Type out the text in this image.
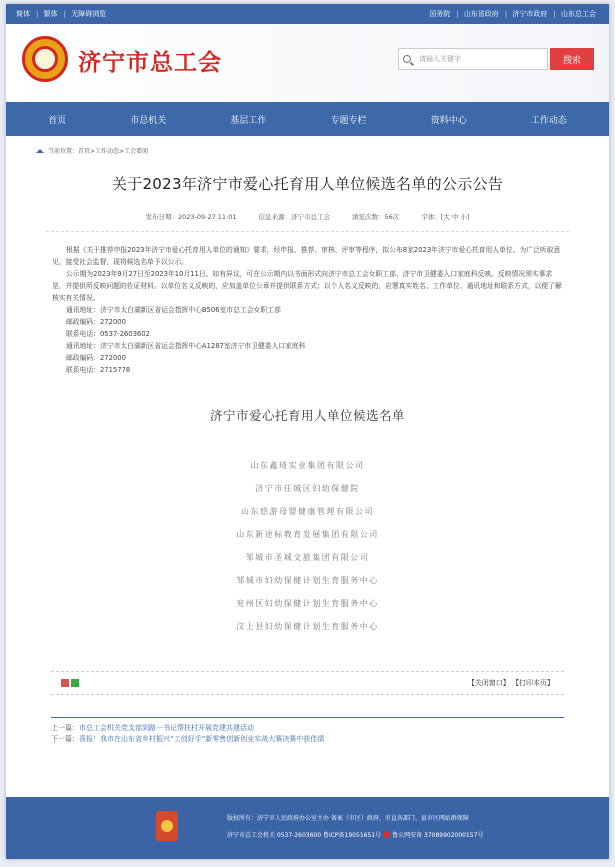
简体 | 繁体 | 无障碍浏览	国务院 | 山东省政府 | 济宁市政府 | 山东总工会
济宁市总工会	请输入关键字	搜索
首页	市总机关	基层工作	专题专栏	资料中心	工作动态
当前位置：首页>工作动态>工会要闻
关于2023年济宁市爱心托育用人单位候选名单的公示公告
发布日期：2023-09-27 11:01	信息来源：济宁市总工会	浏览次数：56次	字体：[大 中 小]

根据《关于推荐申报2023年济宁市爱心托育用人单位的通知》要求，经申报、推荐、审核、评审等程序，拟公布8家2023年济宁市爱心托育用人单位。为广泛听取意见，接受社会监督，现将候选名单予以公示。

公示期为2023年9月27日至2023年10月11日。如有异议，可在公示期内以书面形式向济宁市总工会女职工部、济宁市卫健委人口家庭科反映。反映情况须实事求是，并提供所反映问题的佐证材料。以单位名义反映的，应加盖单位公章并提供联系方式；以个人名义反映的，应署真实姓名、工作单位、通讯地址和联系方式，以便了解核实有关情况。

通讯地址：济宁市太白湖新区省运会指挥中心B506室市总工会女职工部

邮政编码：272000

联系电话：0537-2603602

通讯地址：济宁市太白湖新区省运会指挥中心A1287室济宁市卫健委人口家庭科

邮政编码：272000

联系电话：2715778

济宁市爱心托育用人单位候选名单
山东鑫琦实业集团有限公司
济宁市任城区妇幼保健院
山东悠游母婴健康管理有限公司
山东新途标教育发展集团有限公司
邹城市圣城文旅集团有限公司
邹城市妇幼保健计划生育服务中心
兖州区妇幼保健计划生育服务中心
汶上县妇幼保健计划生育服务中心
【关闭窗口】 【打印本页】
上一篇：市总工会机关党支部到路一书记帮扶村开展党建共建活动
下一篇：喜报！我市在山东省乡村振兴“工创好手”新零售创新创业实战大赛决赛中获佳绩
版权所有：济宁市人民政府办公室主办 备案（市区）政府、市直各部门、县市区网站群保障
济宁市总工会机关 0537-2603600 鲁ICP备19051651号 鲁公网安备 37089902000157号
